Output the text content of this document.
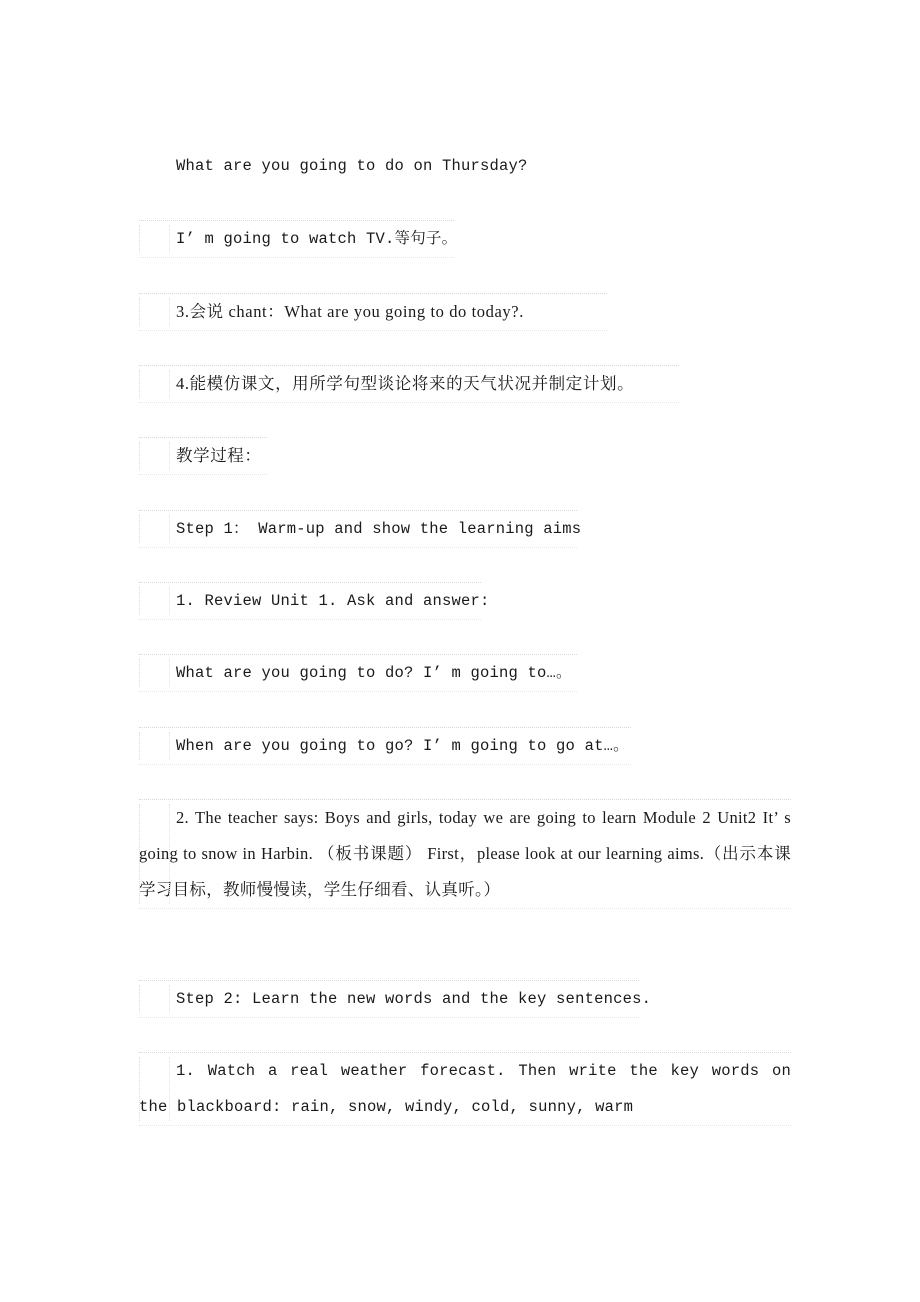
What are you going to do on Thursday?
I’ m going to watch TV.等句子。
3.会说 chant：What are you going to do today?.
4.能模仿课文，用所学句型谈论将来的天气状况并制定计划。
教学过程：
Step 1： Warm-up and show the learning aims
1. Review Unit 1. Ask and answer:
What are you going to do? I’ m going to…。
When are you going to go? I’ m going to go at…。
2. The teacher says: Boys and girls, today we are going to learn Module 2 Unit2 It’ s going to snow in Harbin. （板书课题） First，please look at our learning aims.（出示本课学习目标，教师慢慢读，学生仔细看、认真听。）
Step 2: Learn the new words and the key sentences.
1. Watch a real weather forecast. Then write the key words on the blackboard: rain, snow, windy, cold, sunny, warm
